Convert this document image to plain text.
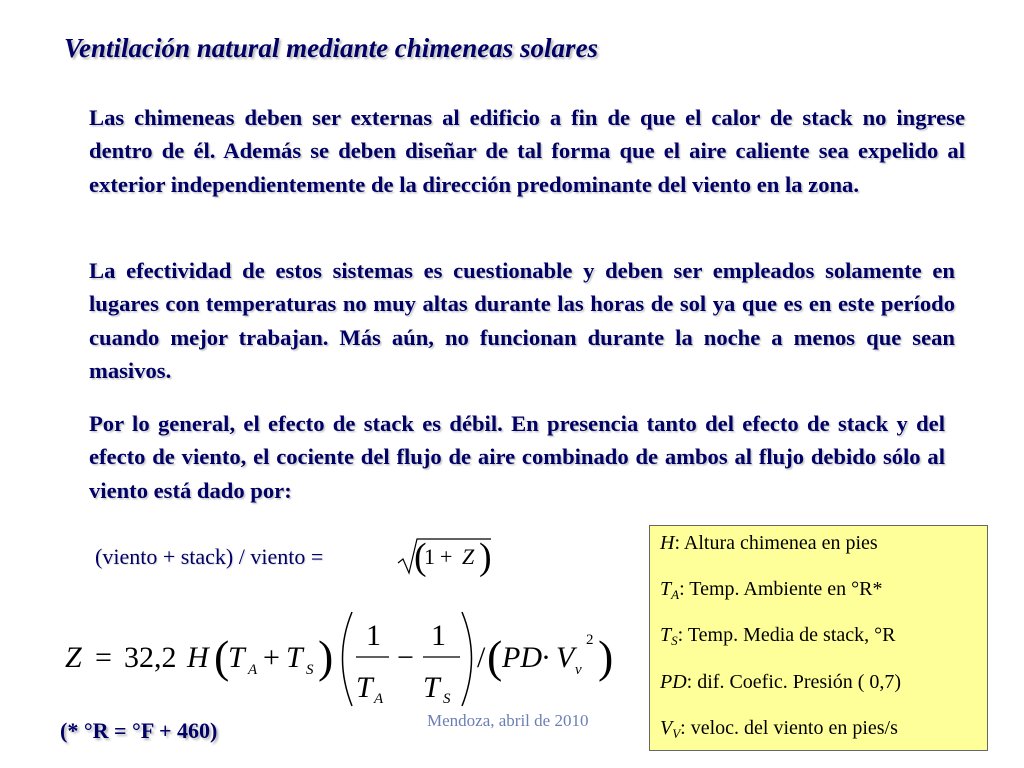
Ventilación natural mediante chimeneas solares

Las chimeneas deben ser externas al edificio a fin de que el calor de stack no ingrese dentro de él. Además se deben diseñar de tal forma que el aire caliente sea expelido al exterior independientemente de la dirección predominante del viento en la zona.

La efectividad de estos sistemas es cuestionable y deben ser empleados solamente en lugares con temperaturas no muy altas durante las horas de sol ya que es en este período cuando mejor trabajan. Más aún, no funcionan durante la noche a menos que sean masivos.

Por lo general, el efecto de stack es débil. En presencia tanto del efecto de stack y del efecto de viento, el cociente del flujo de aire combinado de ambos al flujo debido sólo al viento está dado por:

(viento + stack) / viento = (
1 + Z )
Z = 32,2 H (
T A + T S ) 1
T A
−
1
T S
/ ( PD · V v
2 )
H: Altura chimenea en pies
$T_A$: Temp. Ambiente en °R*
$T_S$: Temp. Media de stack, °R
PD: dif. Coefic. Presión ( 0,7)
$V_V$: veloc. del viento en pies/s
(* °R = °F + 460)	Mendoza, abril de 2010
